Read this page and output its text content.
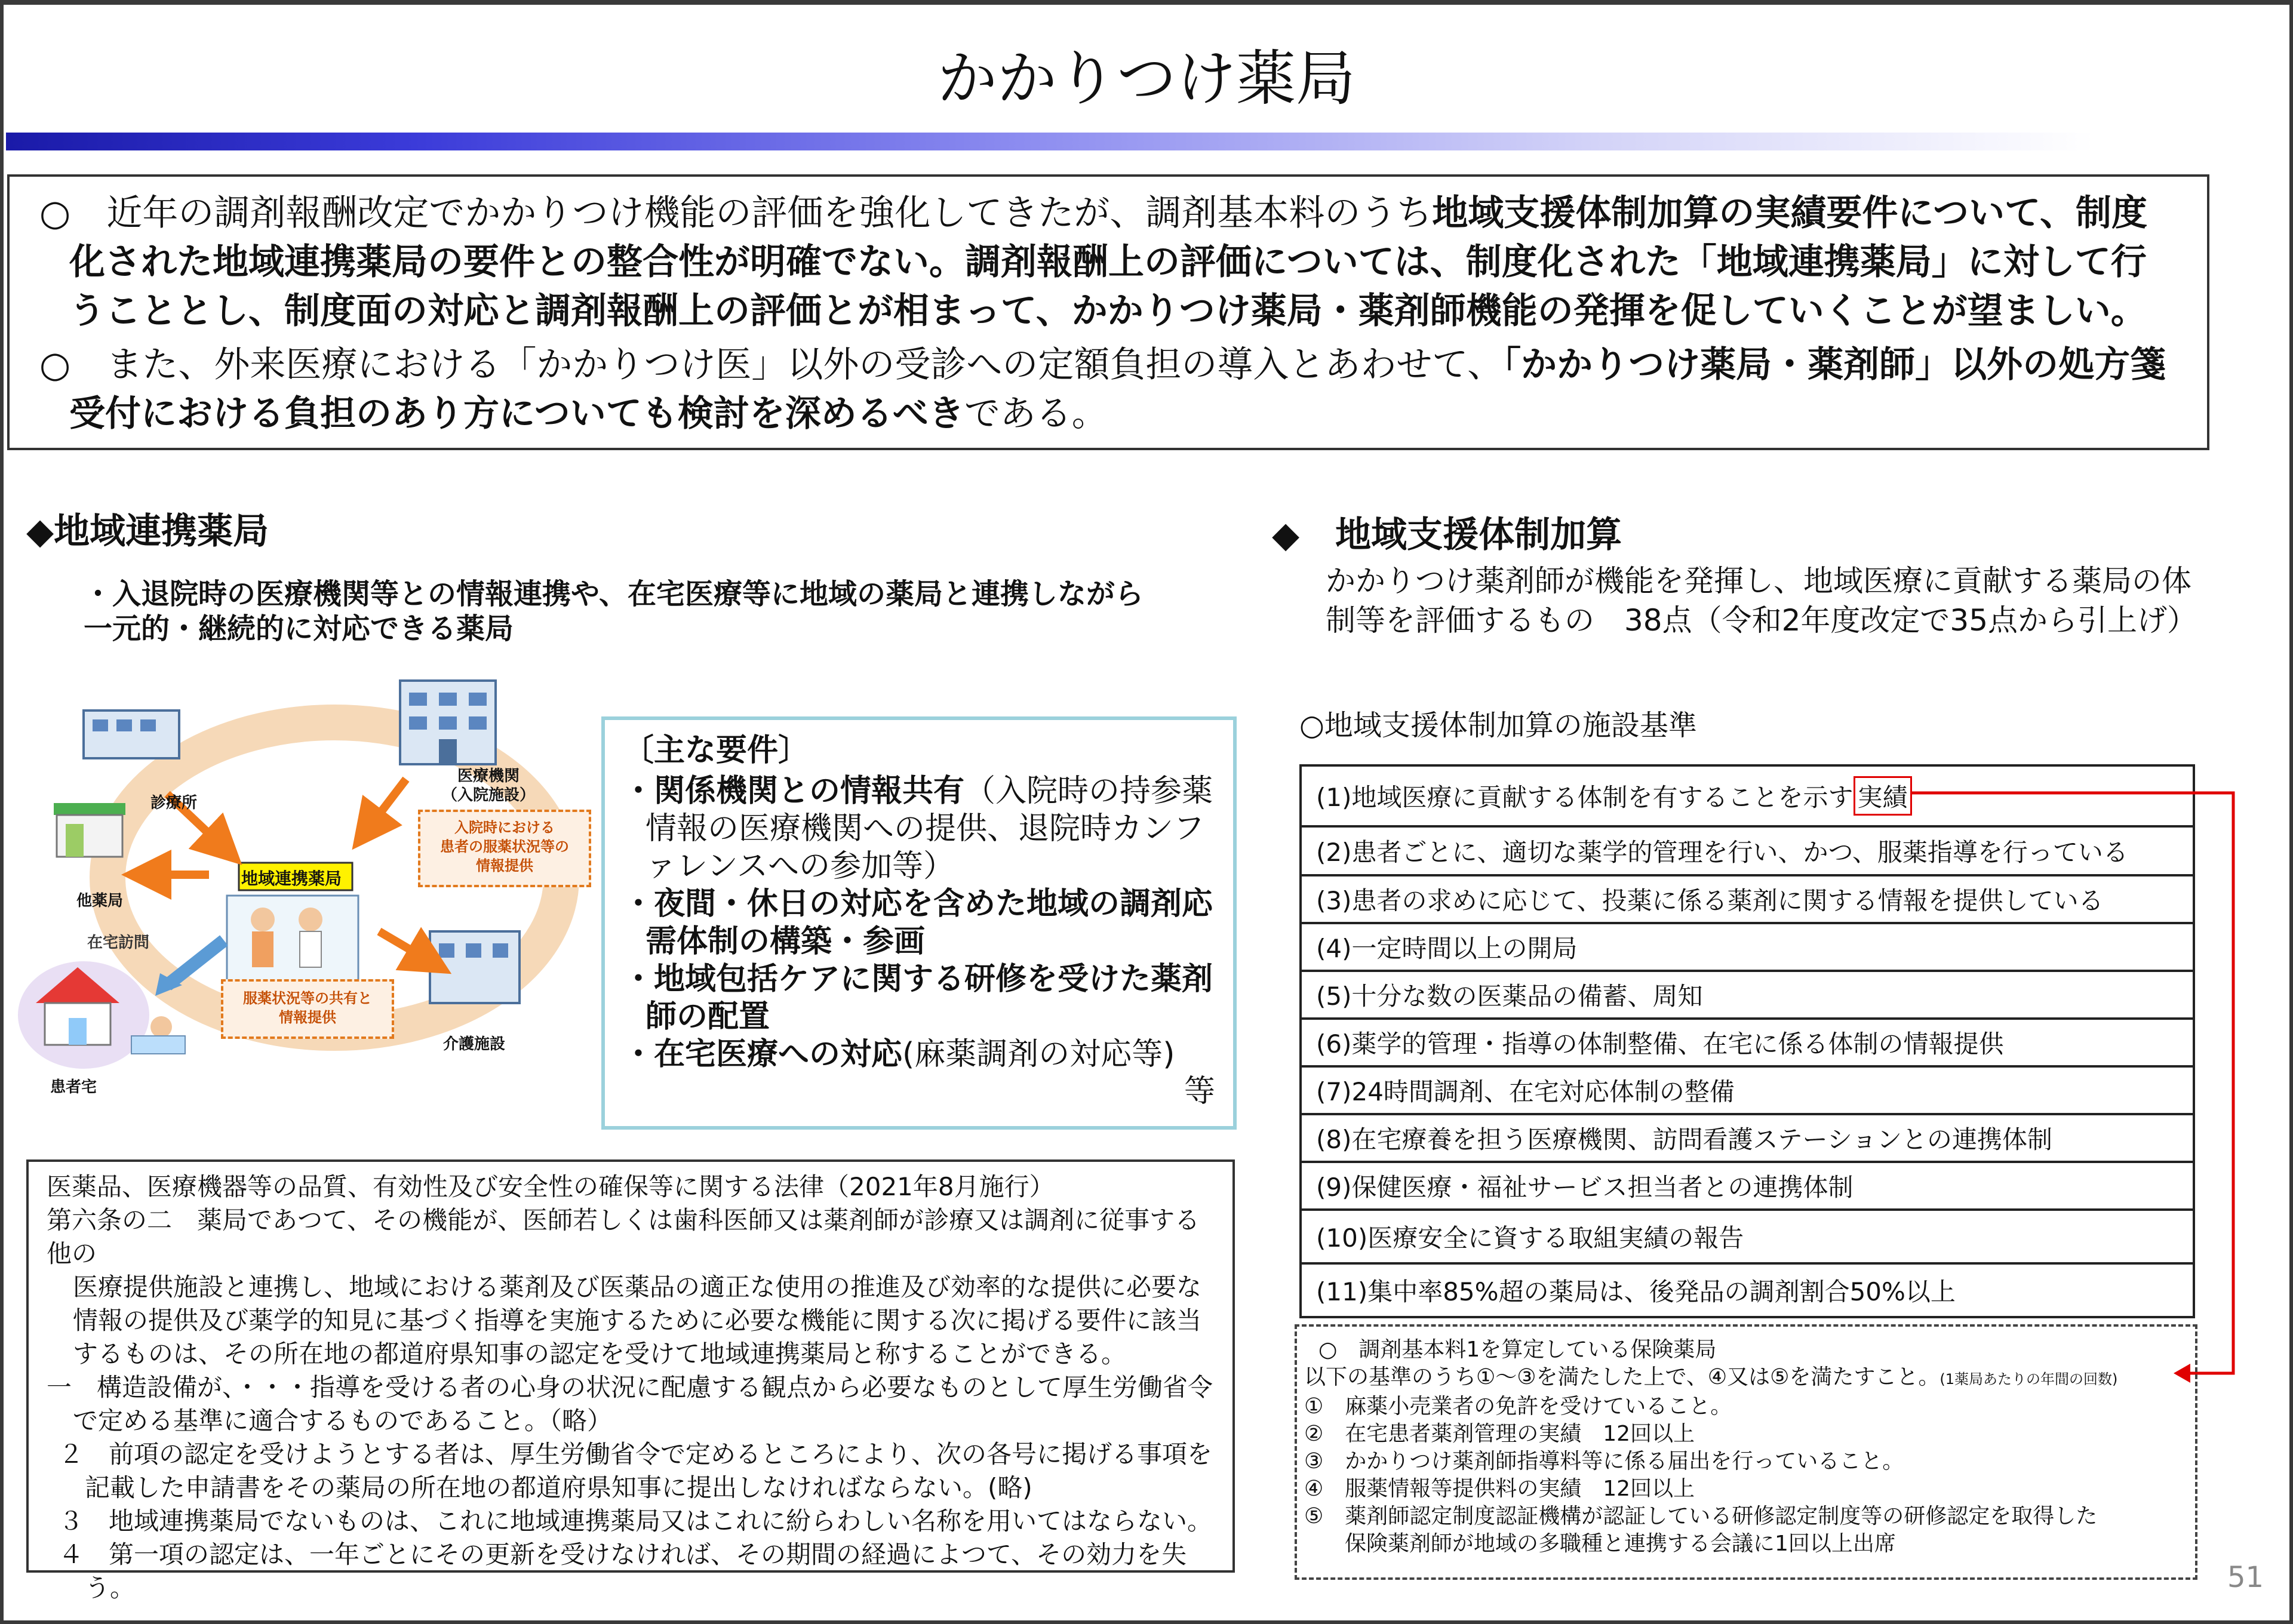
かかりつけ薬局

○　近年の調剤報酬改定でかかりつけ機能の評価を強化してきたが、調剤基本料のうち地域支援体制加算の実績要件について、制度化された地域連携薬局の要件との整合性が明確でない。調剤報酬上の評価については、制度化された「地域連携薬局」に対して行うこととし、制度面の対応と調剤報酬上の評価とが相まって、かかりつけ薬局・薬剤師機能の発揮を促していくことが望ましい。

○　また、外来医療における「かかりつけ医」以外の受診への定額負担の導入とあわせて、「かかりつけ薬局・薬剤師」以外の処方箋受付における負担のあり方についても検討を深めるべきである。

◆地域連携薬局
・入退院時の医療機関等との情報連携や、在宅医療等に地域の薬局と連携しながら一元的・継続的に対応できる薬局
診療所
他薬局
医療機関
（入院施設）
地域連携薬局
在宅訪問
患者宅
介護施設
入院時における
患者の服薬状況等の
情報提供
服薬状況等の共有と
情報提供
〔主な要件〕
・関係機関との情報共有（入院時の持参薬情報の医療機関への提供、退院時カンファレンスへの参加等）
・夜間・休日の対応を含めた地域の調剤応需体制の構築・参画
・地域包括ケアに関する研修を受けた薬剤師の配置
・在宅医療への対応(麻薬調剤の対応等)
等

医薬品、医療機器等の品質、有効性及び安全性の確保等に関する法律（2021年8月施行）

第六条の二　薬局であつて、その機能が、医師若しくは歯科医師又は薬剤師が診療又は調剤に従事する他の

医療提供施設と連携し、地域における薬剤及び医薬品の適正な使用の推進及び効率的な提供に必要な情報の提供及び薬学的知見に基づく指導を実施するために必要な機能に関する次に掲げる要件に該当するものは、その所在地の都道府県知事の認定を受けて地域連携薬局と称することができる。

一　構造設備が、・・・指導を受ける者の心身の状況に配慮する観点から必要なものとして厚生労働省令で定める基準に適合するものであること。（略）

２　前項の認定を受けようとする者は、厚生労働省令で定めるところにより、次の各号に掲げる事項を記載した申請書をその薬局の所在地の都道府県知事に提出しなければならない。(略)

３　地域連携薬局でないものは、これに地域連携薬局又はこれに紛らわしい名称を用いてはならない。

４　第一項の認定は、一年ごとにその更新を受けなければ、その期間の経過によつて、その効力を失う。

◆　地域支援体制加算
かかりつけ薬剤師が機能を発揮し、地域医療に貢献する薬局の体制等を評価するもの　38点（令和2年度改定で35点から引上げ）
○地域支援体制加算の施設基準
(1)地域医療に貢献する体制を有することを示す 実績
(2)患者ごとに、適切な薬学的管理を行い、かつ、服薬指導を行っている
(3)患者の求めに応じて、投薬に係る薬剤に関する情報を提供している
(4)一定時間以上の開局
(5)十分な数の医薬品の備蓄、周知
(6)薬学的管理・指導の体制整備、在宅に係る体制の情報提供
(7)24時間調剤、在宅対応体制の整備
(8)在宅療養を担う医療機関、訪問看護ステーションとの連携体制
(9)保健医療・福祉サービス担当者との連携体制
(10)医療安全に資する取組実績の報告
(11)集中率85%超の薬局は、後発品の調剤割合50%以上

○　調剤基本料1を算定している保険薬局

以下の基準のうち①～③を満たした上で、④又は⑤を満たすこと。(1薬局あたりの年間の回数)

①　麻薬小売業者の免許を受けていること。

②　在宅患者薬剤管理の実績　12回以上

③　かかりつけ薬剤師指導料等に係る届出を行っていること。

④　服薬情報等提供料の実績　12回以上

⑤　薬剤師認定制度認証機構が認証している研修認定制度等の研修認定を取得した

保険薬剤師が地域の多職種と連携する会議に1回以上出席

51
